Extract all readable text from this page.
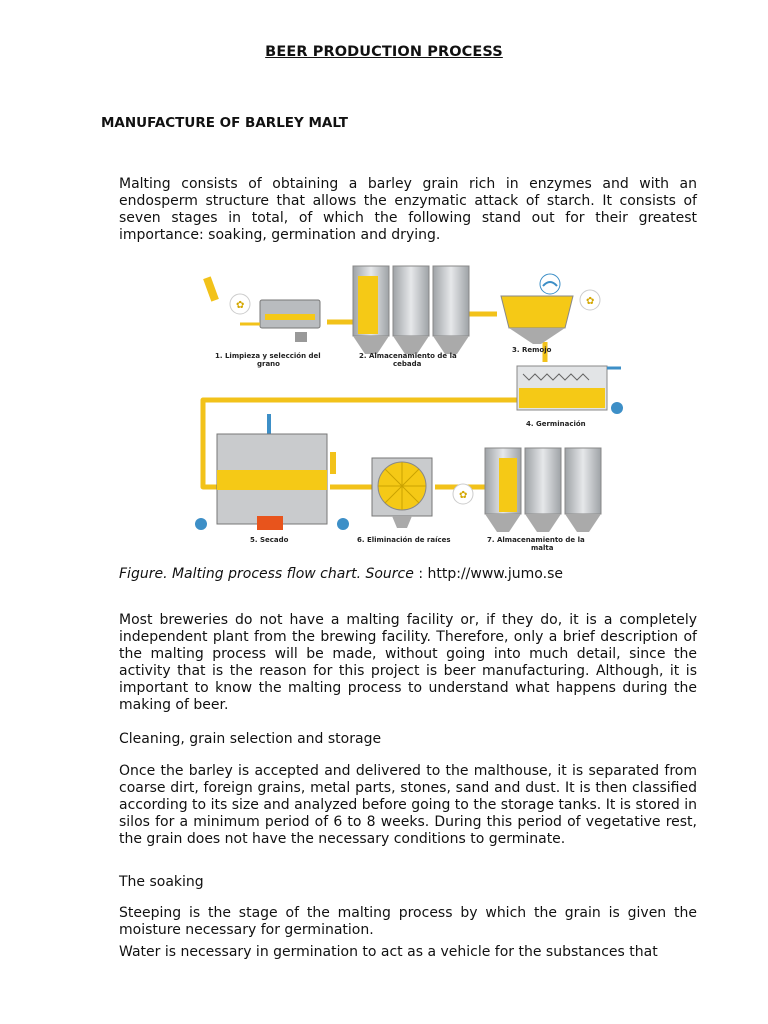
BEER PRODUCTION PROCESS
MANUFACTURE OF BARLEY MALT

Malting consists of obtaining a barley grain rich in enzymes and with an endosperm structure that allows the enzymatic attack of starch. It consists of seven stages in total, of which the following stand out for their greatest importance: soaking, germination and drying.

✿	✿
✿
1. Limpieza y selección del
grano
2. Almacenamiento de la
cebada
3. Remojo
4. Germinación
5. Secado	6. Eliminación de raíces	7. Almacenamiento de la
malta
Figure. Malting process flow chart. Source : http://www.jumo.se

Most breweries do not have a malting facility or, if they do, it is a completely independent plant from the brewing facility. Therefore, only a brief description of the malting process will be made, without going into much detail, since the activity that is the reason for this project is beer manufacturing. Although, it is important to know the malting process to understand what happens during the making of beer.

Cleaning, grain selection and storage

Once the barley is accepted and delivered to the malthouse, it is separated from coarse dirt, foreign grains, metal parts, stones, sand and dust. It is then classified according to its size and analyzed before going to the storage tanks. It is stored in silos for a minimum period of 6 to 8 weeks. During this period of vegetative rest, the grain does not have the necessary conditions to germinate.

The soaking

Steeping is the stage of the malting process by which the grain is given the moisture necessary for germination.

Water is necessary in germination to act as a vehicle for the substances that
